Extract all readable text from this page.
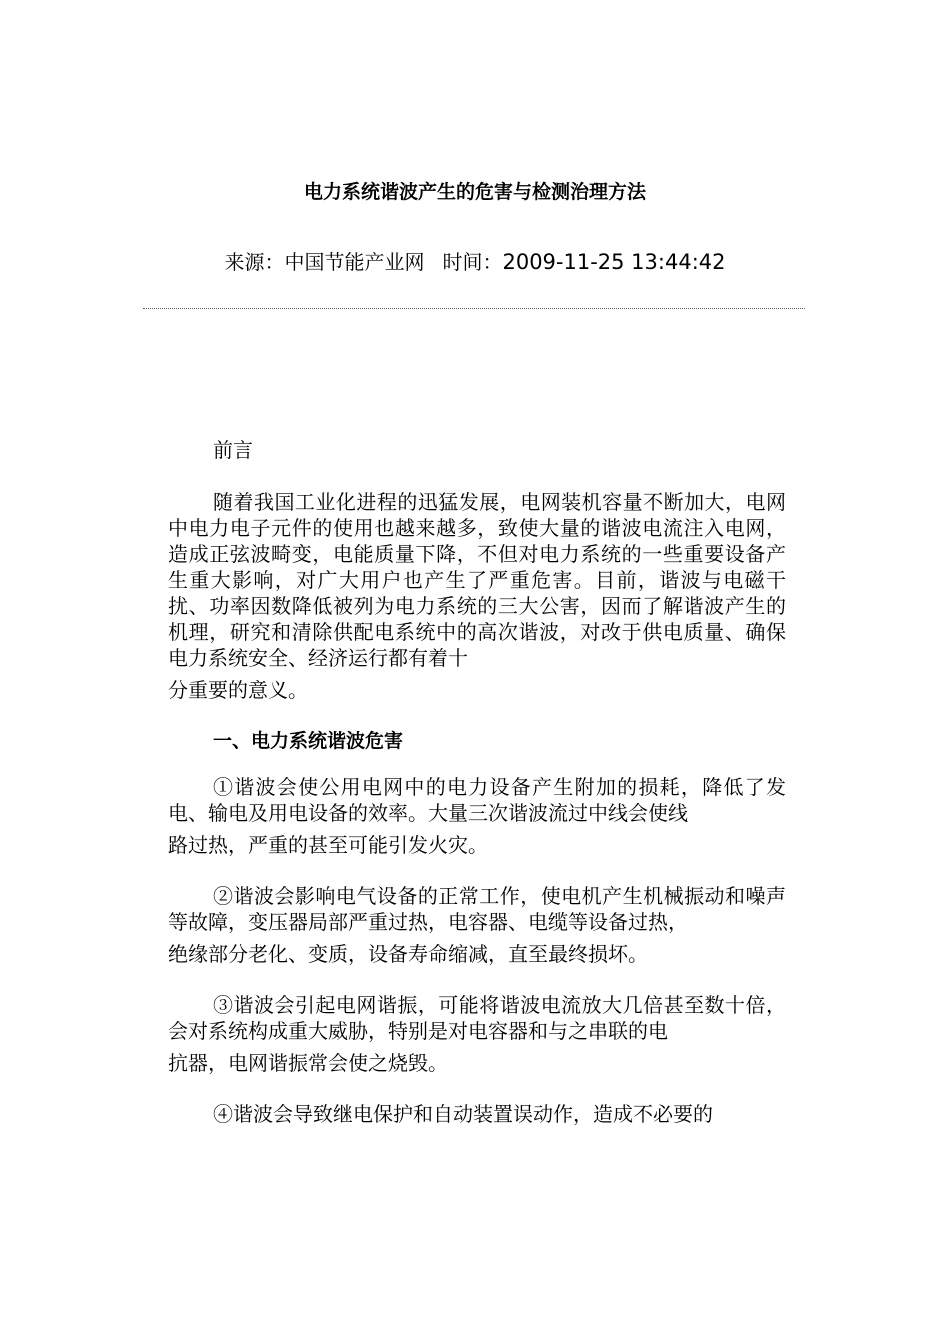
电力系统谐波产生的危害与检测治理方法
来源：中国节能产业网 时间：2009-11-25 13:44:42

前言

随着我国工业化进程的迅猛发展，电网装机容量不断加大，电网中电力电子元件的使用也越来越多，致使大量的谐波电流注入电网，造成正弦波畸变，电能质量下降，不但对电力系统的一些重要设备产生重大影响，对广大用户也产生了严重危害。目前，谐波与电磁干扰、功率因数降低被列为电力系统的三大公害，因而了解谐波产生的机理，研究和清除供配电系统中的高次谐波，对改于供电质量、确保电力系统安全、经济运行都有着十
分重要的意义。

一、电力系统谐波危害

①谐波会使公用电网中的电力设备产生附加的损耗，降低了发电、输电及用电设备的效率。大量三次谐波流过中线会使线
路过热，严重的甚至可能引发火灾。

②谐波会影响电气设备的正常工作，使电机产生机械振动和噪声等故障，变压器局部严重过热，电容器、电缆等设备过热，
绝缘部分老化、变质，设备寿命缩减，直至最终损坏。

③谐波会引起电网谐振，可能将谐波电流放大几倍甚至数十倍，会对系统构成重大威胁，特别是对电容器和与之串联的电
抗器，电网谐振常会使之烧毁。

④谐波会导致继电保护和自动装置误动作，造成不必要的
